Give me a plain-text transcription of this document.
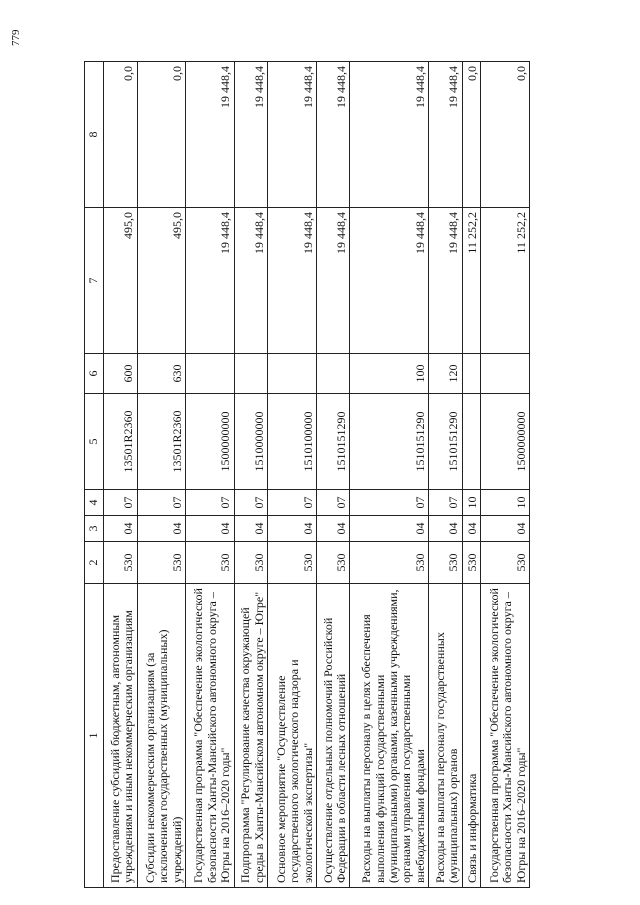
779
1	2	3	4	5	6	7	8
Предоставление субсидий бюджетным, автономным учреждениям и иным некоммерческим организациям	530	04	07	13501R2360	600	495,0	0,0
Субсидии некоммерческим организациям (за исключением государственных (муниципальных) учреждений)	530	04	07	13501R2360	630	495,0	0,0
Государственная программа "Обеспечение экологической безопасности Ханты-Мансийского автономного округа – Югры на 2016–2020 годы"	530	04	07	1500000000		19 448,4	19 448,4
Подпрограмма "Регулирование качества окружающей среды в Ханты-Мансийском автономном округе – Югре"	530	04	07	1510000000		19 448,4	19 448,4
Основное мероприятие "Осуществление государственного экологического надзора и экологической экспертизы"	530	04	07	1510100000		19 448,4	19 448,4
Осуществление отдельных полномочий Российской Федерации в области лесных отношений	530	04	07	1510151290		19 448,4	19 448,4
Расходы на выплаты персоналу в целях обеспечения выполнения функций государственными (муниципальными) органами, казенными учреждениями, органами управления государственными внебюджетными фондами	530	04	07	1510151290	100	19 448,4	19 448,4
Расходы на выплаты персоналу государственных (муниципальных) органов	530	04	07	1510151290	120	19 448,4	19 448,4
Связь и информатика	530	04	10			11 252,2	0,0
Государственная программа "Обеспечение экологической безопасности Ханты-Мансийского автономного округа – Югры на 2016–2020 годы"	530	04	10	1500000000		11 252,2	0,0
